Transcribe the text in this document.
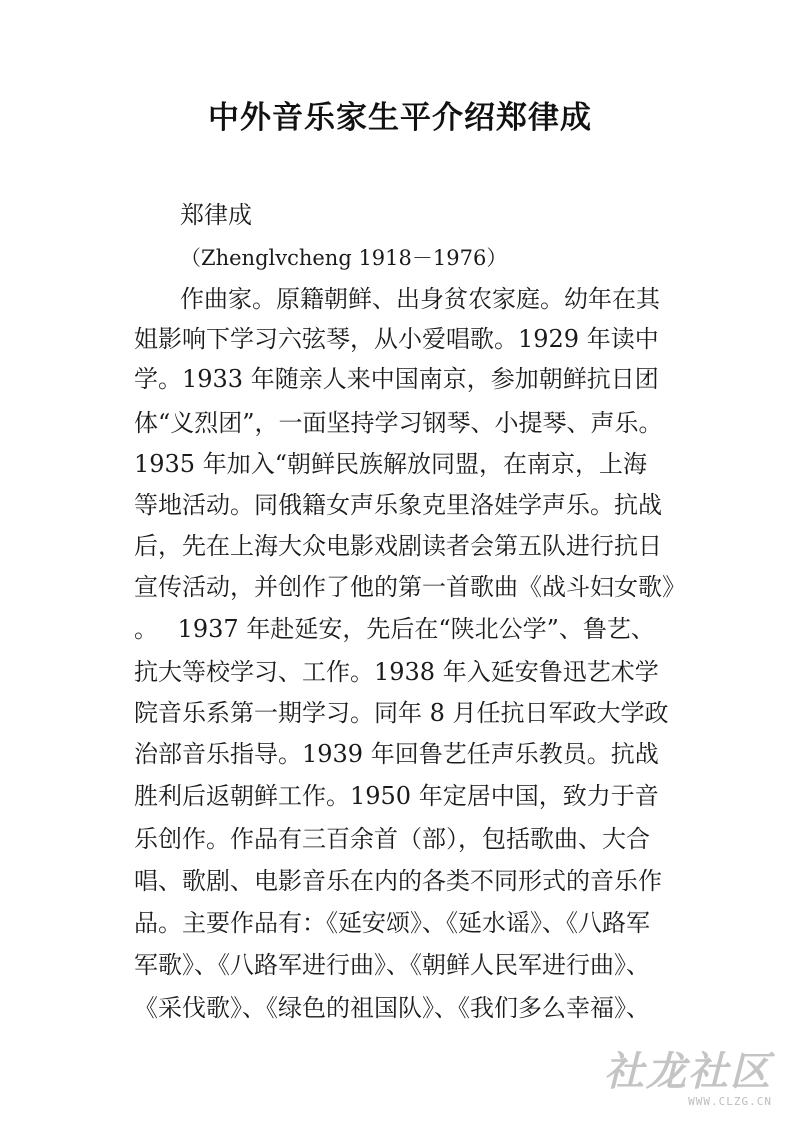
中外音乐家生平介绍郑律成
郑律成
（Zhenglvcheng 1918－1976）
作曲家。原籍朝鲜、出身贫农家庭。幼年在其
姐影响下学习六弦琴，从小爱唱歌。1929 年读中
学。1933 年随亲人来中国南京，参加朝鲜抗日团
体“义烈团”，一面坚持学习钢琴、小提琴、声乐。
1935 年加入“朝鲜民族解放同盟，在南京，上海
等地活动。同俄籍女声乐象克里洛娃学声乐。抗战
后，先在上海大众电影戏剧读者会第五队进行抗日
宣传活动，并创作了他的第一首歌曲《战斗妇女歌》
。　 1937 年赴延安，先后在“陕北公学”、鲁艺、
抗大等校学习、工作。1938 年入延安鲁迅艺术学
院音乐系第一期学习。同年 8 月任抗日军政大学政
治部音乐指导。1939 年回鲁艺任声乐教员。抗战
胜利后返朝鲜工作。1950 年定居中国，致力于音
乐创作。作品有三百余首（部），包括歌曲、大合
唱、歌剧、电影音乐在内的各类不同形式的音乐作
品。主要作品有：《延安颂》、《延水谣》、《八路军
军歌》、《八路军进行曲》、《朝鲜人民军进行曲》、
《采伐歌》、《绿色的祖国队》、《我们多么幸福》、
社龙社区
WWW.CLZG.CN
